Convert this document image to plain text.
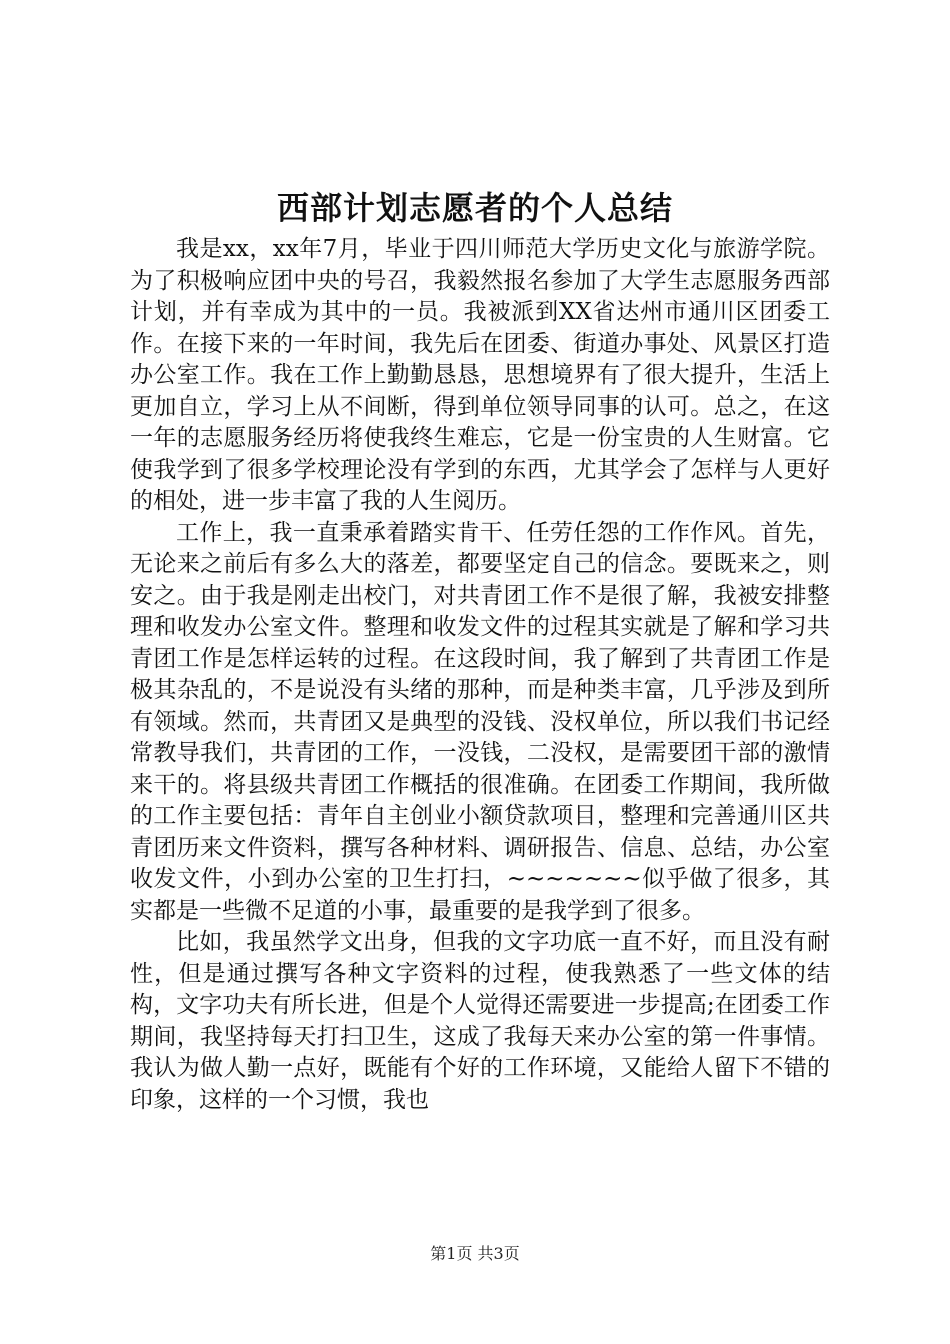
西部计划志愿者的个人总结

我是xx，xx年7月，毕业于四川师范大学历史文化与旅游学院。为了积极响应团中央的号召，我毅然报名参加了大学生志愿服务西部计划，并有幸成为其中的一员。我被派到XX省达州市通川区团委工作。在接下来的一年时间，我先后在团委、街道办事处、风景区打造办公室工作。我在工作上勤勤恳恳，思想境界有了很大提升，生活上更加自立，学习上从不间断，得到单位领导同事的认可。总之，在这一年的志愿服务经历将使我终生难忘，它是一份宝贵的人生财富。它使我学到了很多学校理论没有学到的东西，尤其学会了怎样与人更好的相处，进一步丰富了我的人生阅历。

工作上，我一直秉承着踏实肯干、任劳任怨的工作作风。首先，无论来之前后有多么大的落差，都要坚定自己的信念。要既来之，则安之。由于我是刚走出校门，对共青团工作不是很了解，我被安排整理和收发办公室文件。整理和收发文件的过程其实就是了解和学习共青团工作是怎样运转的过程。在这段时间，我了解到了共青团工作是极其杂乱的，不是说没有头绪的那种，而是种类丰富，几乎涉及到所有领域。然而，共青团又是典型的没钱、没权单位，所以我们书记经常教导我们，共青团的工作，一没钱，二没权，是需要团干部的激情来干的。将县级共青团工作概括的很准确。在团委工作期间，我所做的工作主要包括：青年自主创业小额贷款项目，整理和完善通川区共青团历来文件资料，撰写各种材料、调研报告、信息、总结，办公室收发文件，小到办公室的卫生打扫，~~~~~~~似乎做了很多，其实都是一些微不足道的小事，最重要的是我学到了很多。

比如，我虽然学文出身，但我的文字功底一直不好，而且没有耐性，但是通过撰写各种文字资料的过程，使我熟悉了一些文体的结构，文字功夫有所长进，但是个人觉得还需要进一步提高;在团委工作期间，我坚持每天打扫卫生，这成了我每天来办公室的第一件事情。我认为做人勤一点好，既能有个好的工作环境，又能给人留下不错的印象，这样的一个习惯，我也

第1页 共3页
